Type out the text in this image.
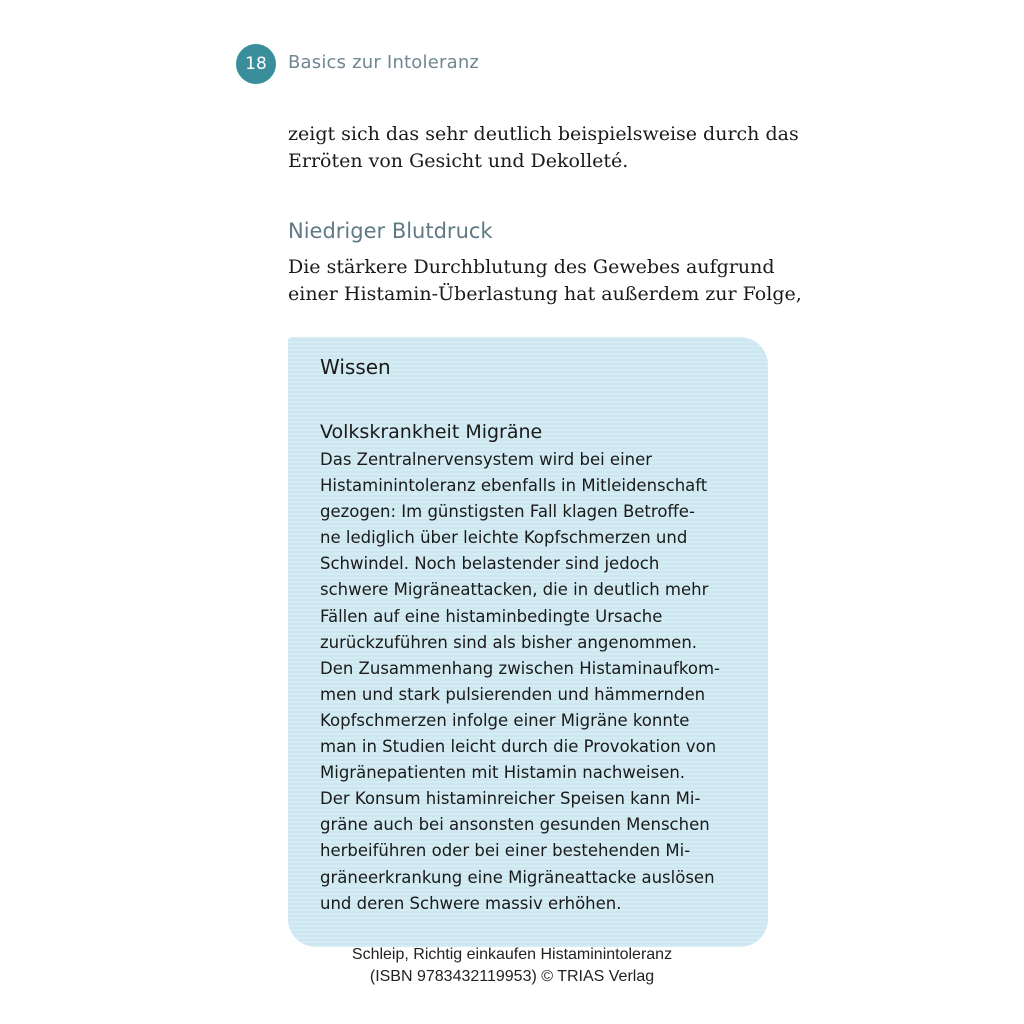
18	Basics zur Intoleranz

zeigt sich das sehr deutlich beispielsweise durch das
Erröten von Gesicht und Dekolleté.

Niedriger Blutdruck

Die stärkere Durchblutung des Gewebes aufgrund
einer Histamin-Überlastung hat außerdem zur Folge,

Wissen
Volkskrankheit Migräne
Das Zentralnervensystem wird bei einer
Histaminintoleranz ebenfalls in Mitleidenschaft
gezogen: Im günstigsten Fall klagen Betroffe-
ne lediglich über leichte Kopfschmerzen und
Schwindel. Noch belastender sind jedoch
schwere Migräneattacken, die in deutlich mehr
Fällen auf eine histaminbedingte Ursache
zurückzuführen sind als bisher angenommen.
Den Zusammenhang zwischen Histaminaufkom-
men und stark pulsierenden und hämmernden
Kopfschmerzen infolge einer Migräne konnte
man in Studien leicht durch die Provokation von
Migränepatienten mit Histamin nachweisen.
Der Konsum histaminreicher Speisen kann Mi-
gräne auch bei ansonsten gesunden Menschen
herbeiführen oder bei einer bestehenden Mi-
gräneerkrankung eine Migräneattacke auslösen
und deren Schwere massiv erhöhen.
Schleip, Richtig einkaufen Histaminintoleranz
(ISBN 9783432119953) © TRIAS Verlag
